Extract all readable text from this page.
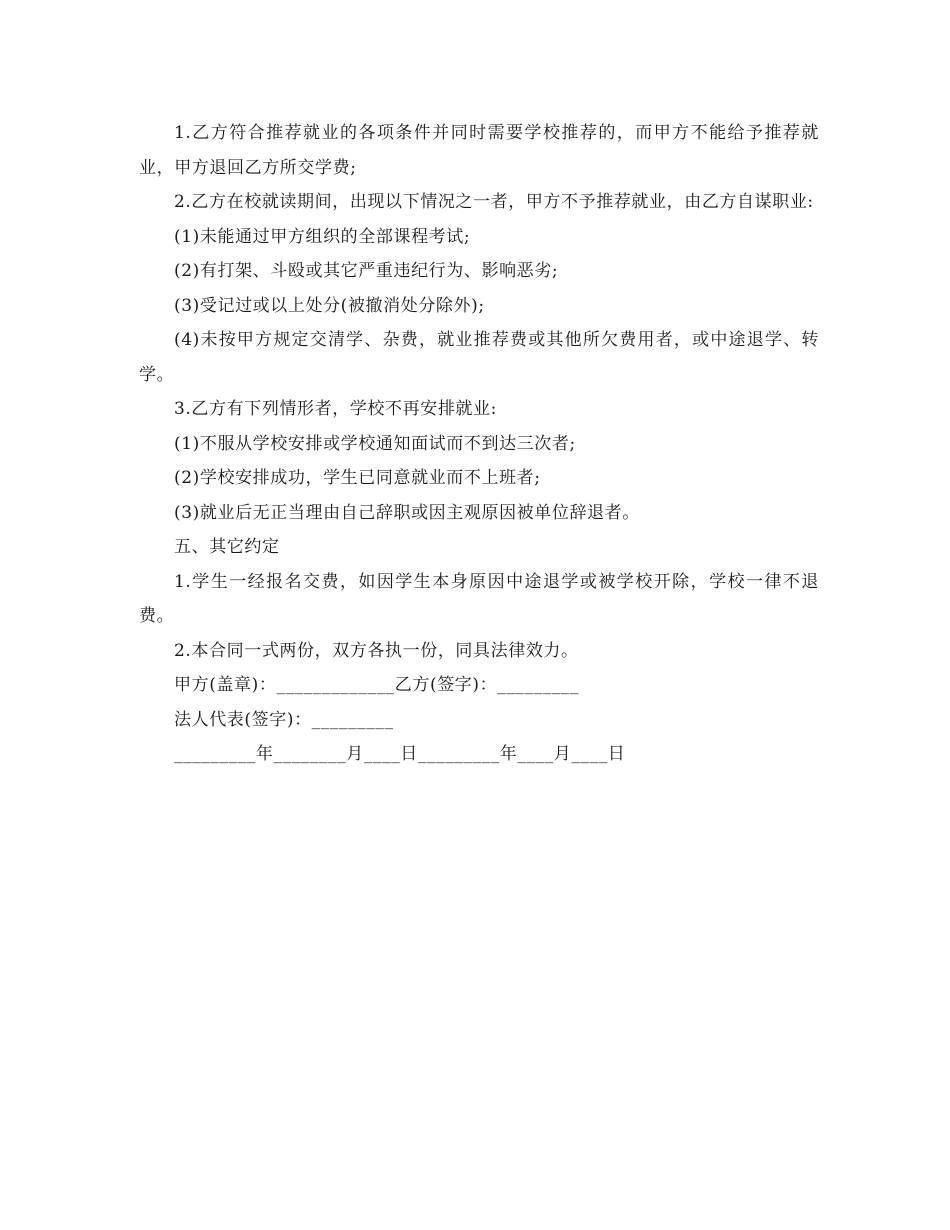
1.乙方符合推荐就业的各项条件并同时需要学校推荐的，而甲方不能给予推荐就业，甲方退回乙方所交学费;

2.乙方在校就读期间，出现以下情况之一者，甲方不予推荐就业，由乙方自谋职业:

(1)未能通过甲方组织的全部课程考试;

(2)有打架、斗殴或其它严重违纪行为、影响恶劣;

(3)受记过或以上处分(被撤消处分除外);

(4)未按甲方规定交清学、杂费，就业推荐费或其他所欠费用者，或中途退学、转学。

3.乙方有下列情形者，学校不再安排就业:

(1)不服从学校安排或学校通知面试而不到达三次者;

(2)学校安排成功，学生已同意就业而不上班者;

(3)就业后无正当理由自己辞职或因主观原因被单位辞退者。

五、其它约定

1.学生一经报名交费，如因学生本身原因中途退学或被学校开除，学校一律不退费。

2.本合同一式两份，双方各执一份，同具法律效力。

甲方(盖章)：_____________乙方(签字)：_________

法人代表(签字)：_________

_________年________月____日_________年____月____日
